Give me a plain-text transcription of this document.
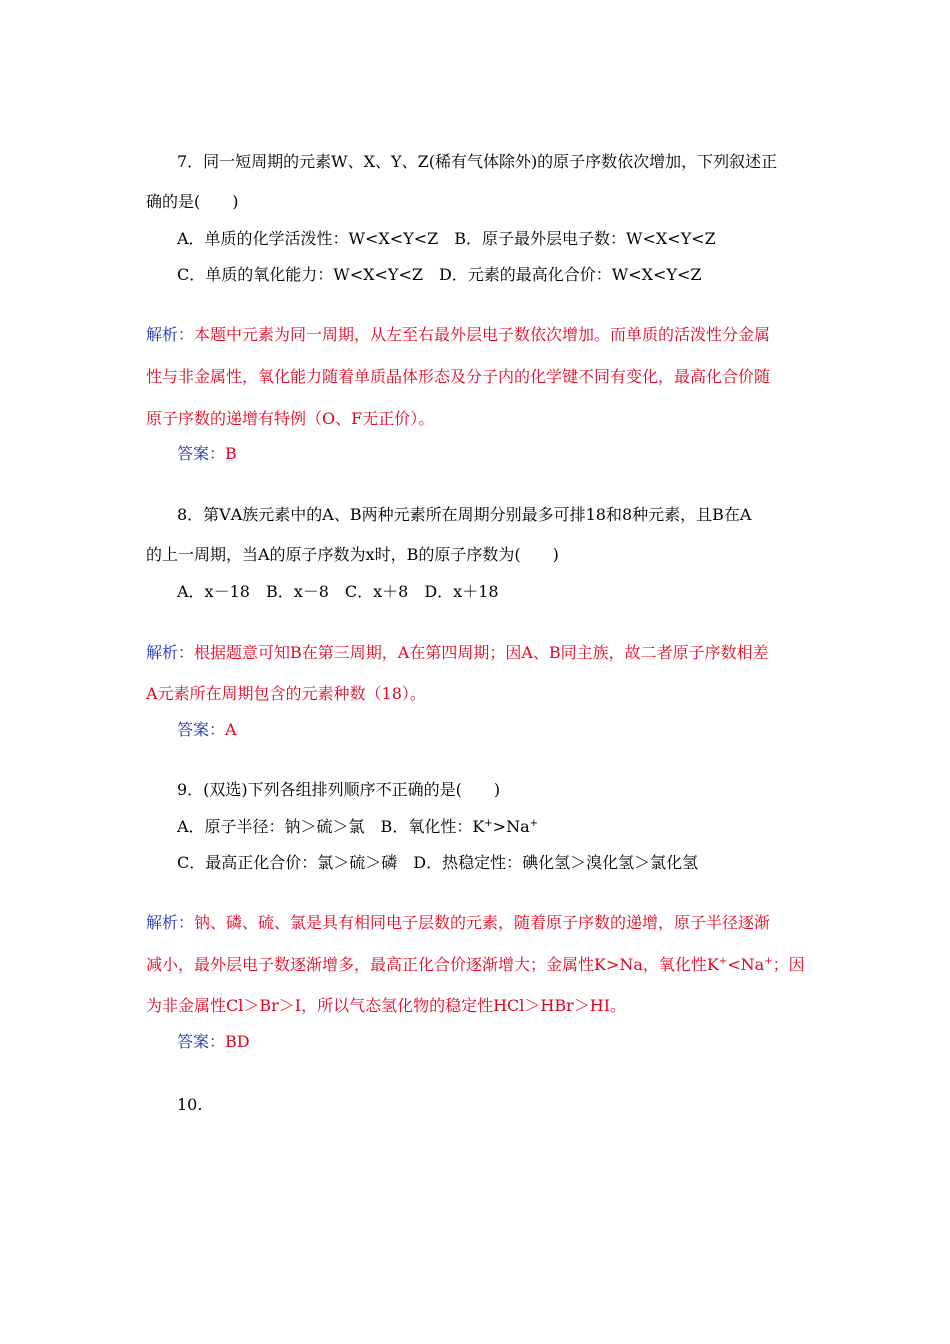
7．同一短周期的元素W、X、Y、Z(稀有气体除外)的原子序数依次增加，下列叙述正
确的是(　　)
A．单质的化学活泼性：W<X<Y<Z　B．原子最外层电子数：W<X<Y<Z
C．单质的氧化能力：W<X<Y<Z　D．元素的最高化合价：W<X<Y<Z
解析：本题中元素为同一周期，从左至右最外层电子数依次增加。而单质的活泼性分金属
性与非金属性，氧化能力随着单质晶体形态及分子内的化学键不同有变化，最高化合价随
原子序数的递增有特例（O、F无正价）。
答案：B
8．第ⅤA族元素中的A、B两种元素所在周期分别最多可排18和8种元素，且B在A
的上一周期，当A的原子序数为x时，B的原子序数为(　　)
A．x－18　B．x－8　C．x＋8　D．x＋18
解析：根据题意可知B在第三周期，A在第四周期；因A、B同主族，故二者原子序数相差
A元素所在周期包含的元素种数（18）。
答案：A
9．(双选)下列各组排列顺序不正确的是(　　)
A．原子半径：钠＞硫＞氯　B．氧化性：K+>Na+
C．最高正化合价：氯＞硫＞磷　D．热稳定性：碘化氢＞溴化氢＞氯化氢
解析：钠、磷、硫、氯是具有相同电子层数的元素，随着原子序数的递增，原子半径逐渐
减小，最外层电子数逐渐增多，最高正化合价逐渐增大；金属性K>Na，氧化性K+<Na+；因
为非金属性Cl＞Br＞I，所以气态氢化物的稳定性HCl＞HBr＞HI。
答案：BD
10.
